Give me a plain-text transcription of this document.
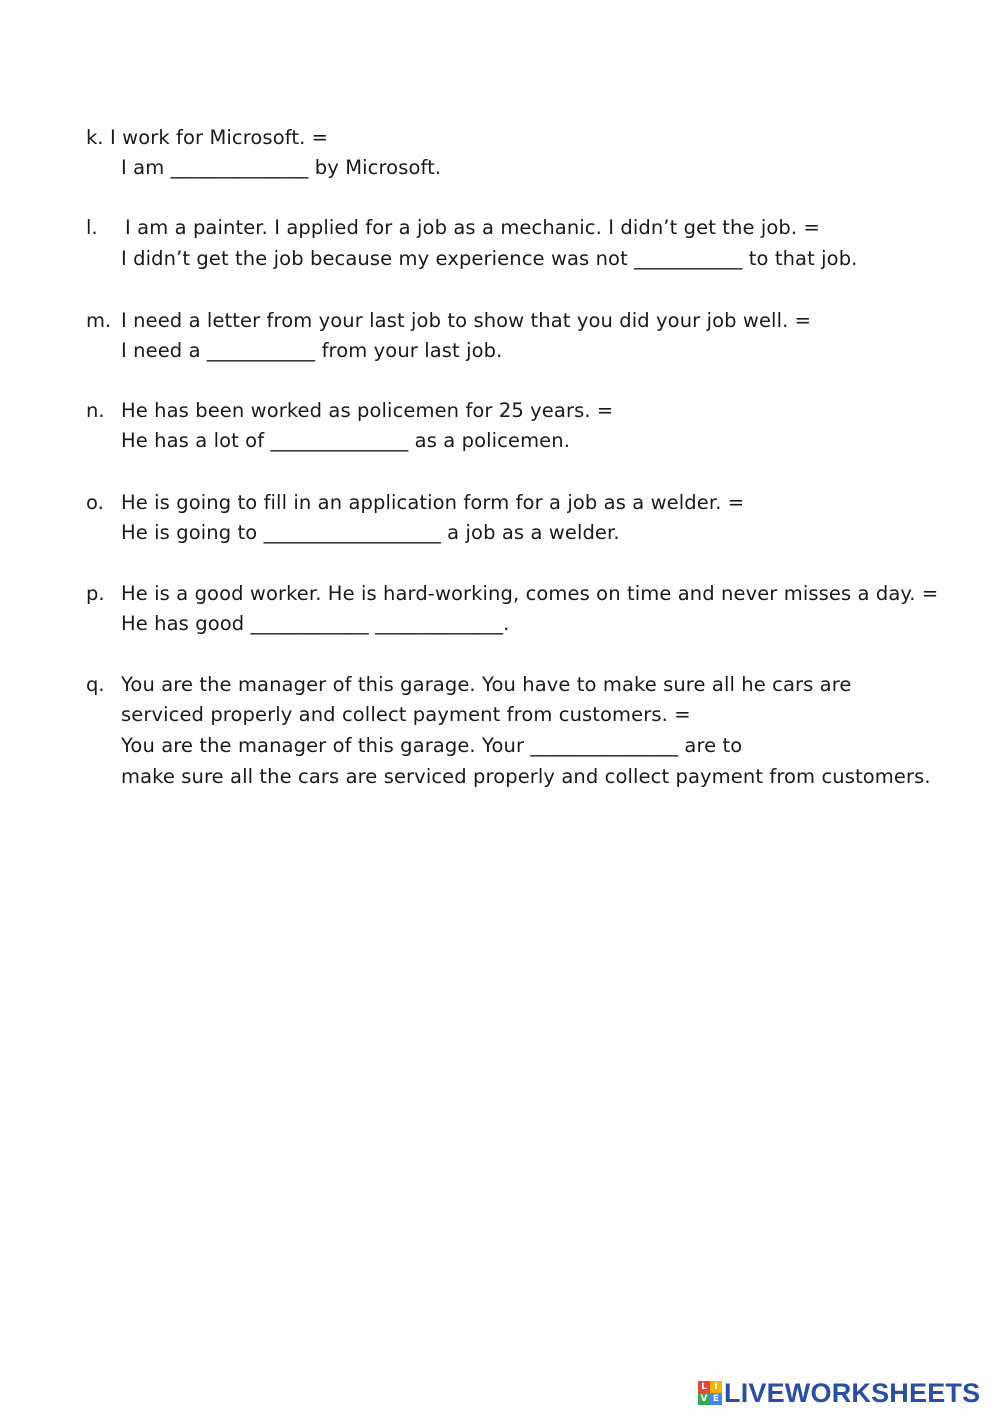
k. I work for Microsoft. =
I am ______________ by Microsoft.
l. I am a painter. I applied for a job as a mechanic. I didn’t get the job. =
I didn’t get the job because my experience was not ___________ to that job.
m. I need a letter from your last job to show that you did your job well. =
I need a ___________ from your last job.
n. He has been worked as policemen for 25 years. =
He has a lot of ______________ as a policemen.
o. He is going to fill in an application form for a job as a welder. =
He is going to __________________ a job as a welder.
p. He is a good worker. He is hard-working, comes on time and never misses a day. =
He has good ____________ _____________.
q. You are the manager of this garage. You have to make sure all he cars are
serviced properly and collect payment from customers. =
You are the manager of this garage. Your _______________ are to
make sure all the cars are serviced properly and collect payment from customers.
L I
V E LIVEWORKSHEETS
